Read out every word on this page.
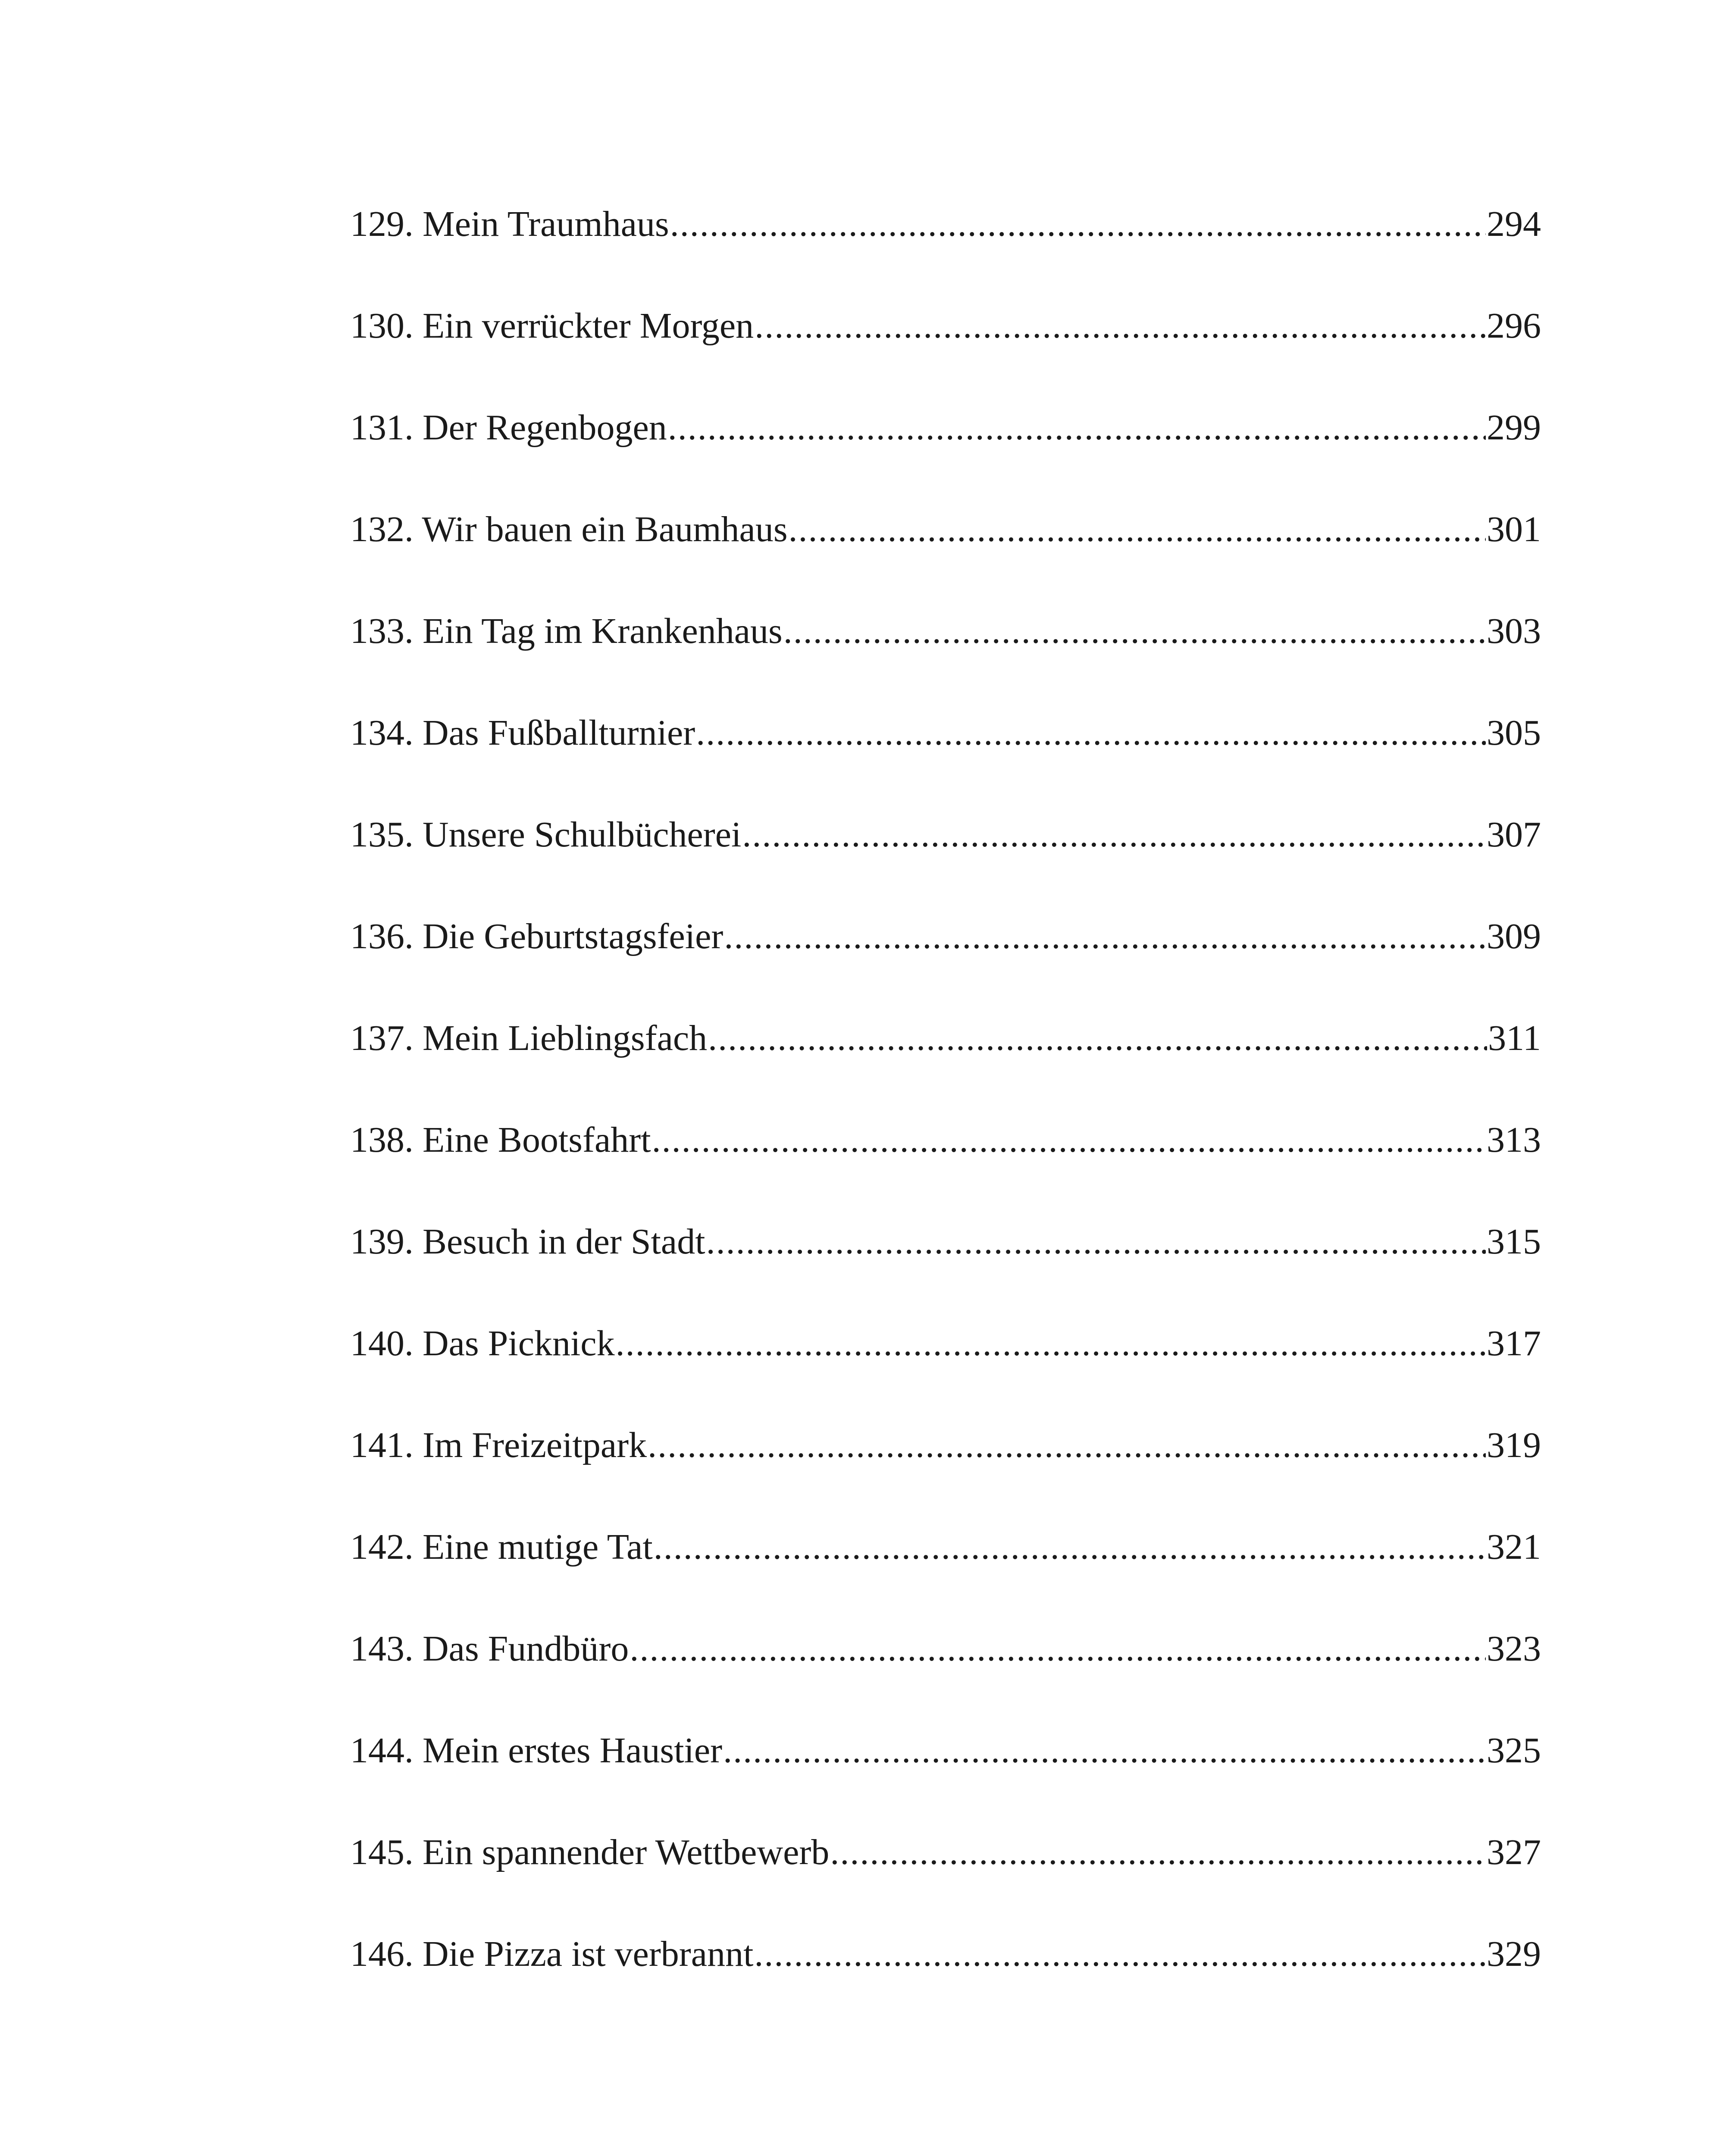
129. Mein Traumhaus .....	294
130. Ein verrückter Morgen .....	296
131. Der Regenbogen .....	299
132. Wir bauen ein Baumhaus .....	301
133. Ein Tag im Krankenhaus .....	303
134. Das Fußballturnier .....	305
135. Unsere Schulbücherei .....	307
136. Die Geburtstagsfeier .....	309
137. Mein Lieblingsfach .....	311
138. Eine Bootsfahrt .....	313
139. Besuch in der Stadt .....	315
140. Das Picknick .....	317
141. Im Freizeitpark .....	319
142. Eine mutige Tat .....	321
143. Das Fundbüro .....	323
144. Mein erstes Haustier .....	325
145. Ein spannender Wettbewerb .....	327
146. Die Pizza ist verbrannt .....	329
